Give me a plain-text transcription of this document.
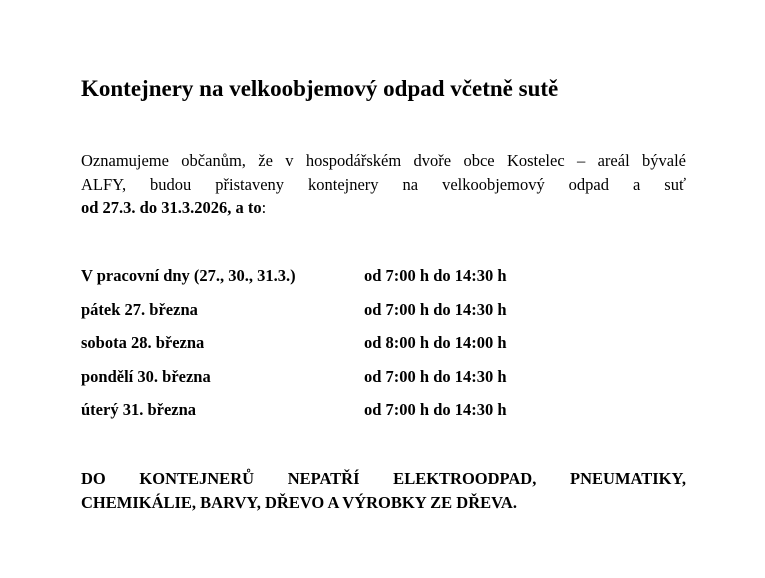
Kontejnery na velkoobjemový odpad včetně sutě
Oznamujeme občanům, že v hospodářském dvoře obce Kostelec – areál bývalé
ALFY, budou přistaveny kontejnery na velkoobjemový odpad a suť
od 27.3. do 31.3.2026, a to:
V pracovní dny (27., 30., 31.3.)	od 7:00 h do 14:30 h
pátek 27. března	od 7:00 h do 14:30 h
sobota 28. března	od 8:00 h do 14:00 h
pondělí 30. března	od 7:00 h do 14:30 h
úterý 31. března	od 7:00 h do 14:30 h
DO KONTEJNERŮ NEPATŘÍ ELEKTROODPAD, PNEUMATIKY,
CHEMIKÁLIE, BARVY, DŘEVO A VÝROBKY ZE DŘEVA.
